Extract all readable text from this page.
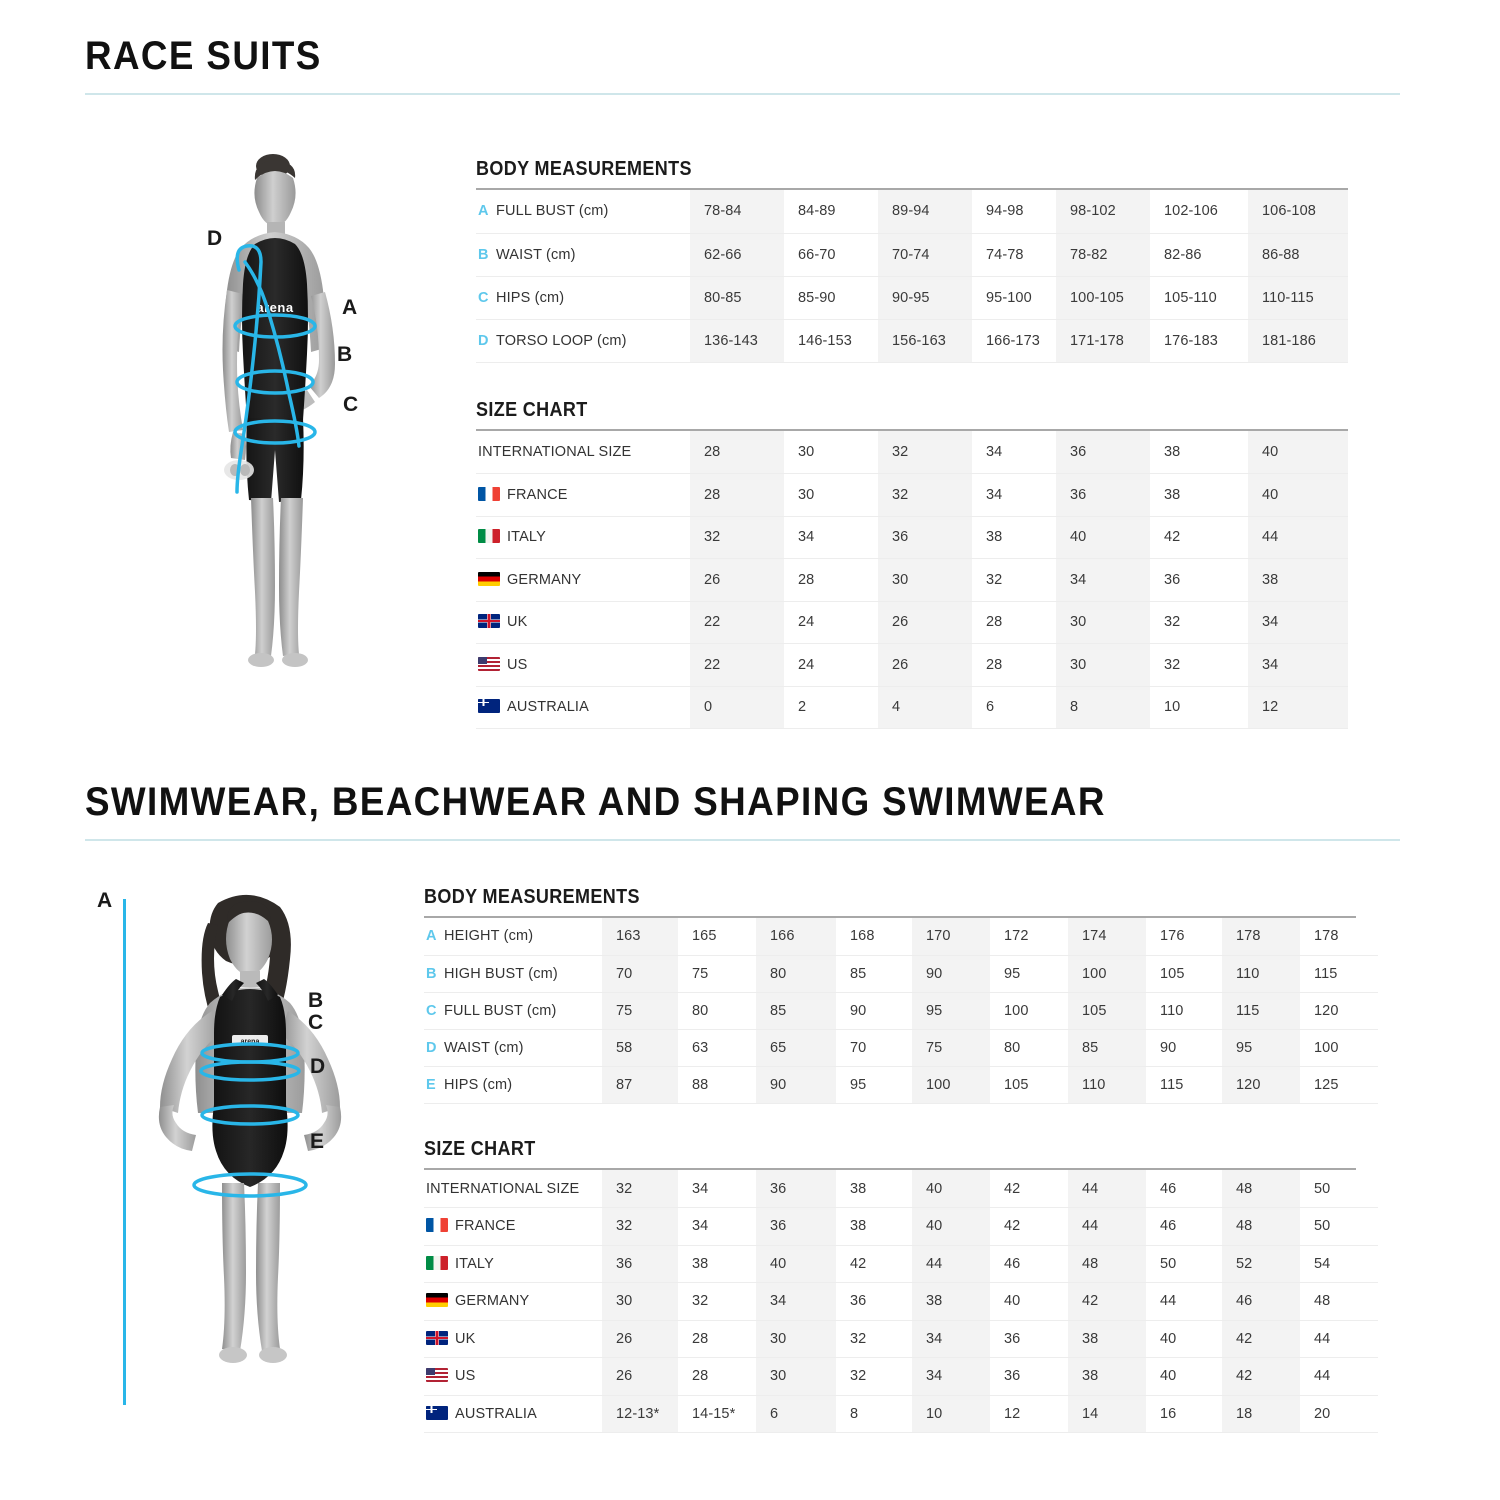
RACE SUITS
arena
D
A
B
C
BODY MEASUREMENTS
A FULL BUST (cm)	78-84	84-89	89-94	94-98	98-102	102-106	106-108
B WAIST (cm)	62-66	66-70	70-74	74-78	78-82	82-86	86-88
C HIPS (cm)	80-85	85-90	90-95	95-100	100-105	105-110	110-115
D TORSO LOOP (cm)	136-143	146-153	156-163	166-173	171-178	176-183	181-186
SIZE CHART
INTERNATIONAL SIZE	28	30	32	34	36	38	40
FRANCE	28	30	32	34	36	38	40
ITALY	32	34	36	38	40	42	44
GERMANY	26	28	30	32	34	36	38
UK	22	24	26	28	30	32	34
US	22	24	26	28	30	32	34
AUSTRALIA	0	2	4	6	8	10	12
SWIMWEAR, BEACHWEAR AND SHAPING SWIMWEAR
arena
A
B
C
D
E
BODY MEASUREMENTS
A HEIGHT (cm)	163	165	166	168	170	172	174	176	178	178
B HIGH BUST (cm)	70	75	80	85	90	95	100	105	110	115
C FULL BUST (cm)	75	80	85	90	95	100	105	110	115	120
D WAIST (cm)	58	63	65	70	75	80	85	90	95	100
E HIPS (cm)	87	88	90	95	100	105	110	115	120	125
SIZE CHART
INTERNATIONAL SIZE	32	34	36	38	40	42	44	46	48	50
FRANCE	32	34	36	38	40	42	44	46	48	50
ITALY	36	38	40	42	44	46	48	50	52	54
GERMANY	30	32	34	36	38	40	42	44	46	48
UK	26	28	30	32	34	36	38	40	42	44
US	26	28	30	32	34	36	38	40	42	44
AUSTRALIA	12-13*	14-15*	6	8	10	12	14	16	18	20
